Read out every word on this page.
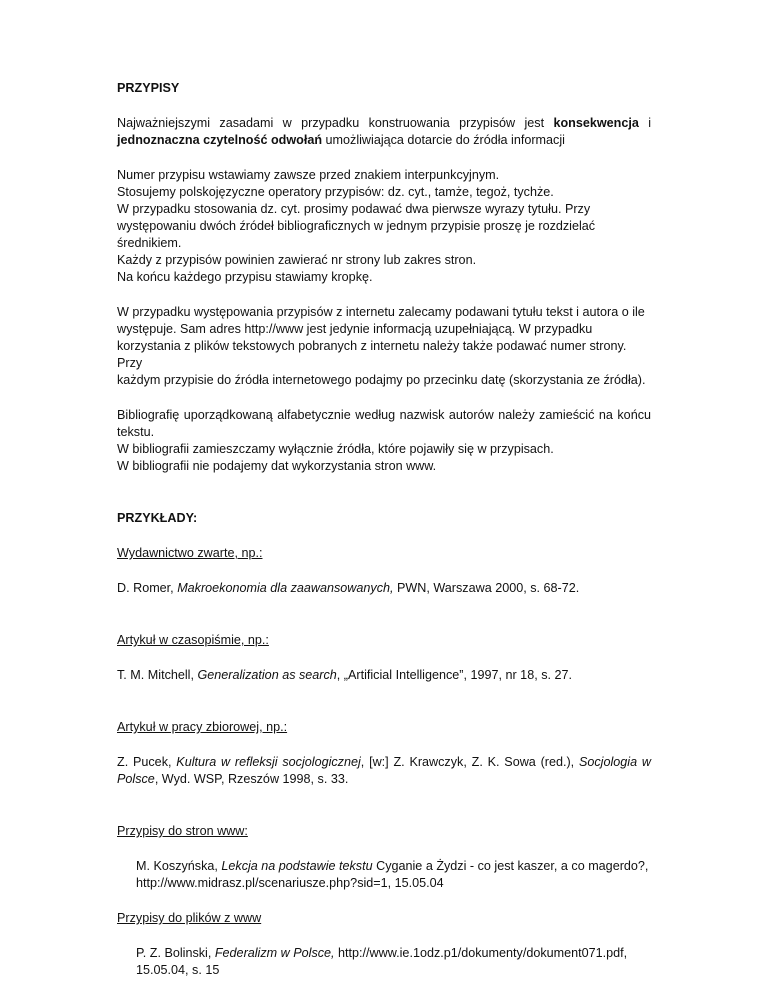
PRZYPISY

Najważniejszymi zasadami w przypadku konstruowania przypisów jest konsekwencja i jednoznaczna czytelność odwołań umożliwiająca dotarcie do źródła informacji

Numer przypisu wstawiamy zawsze przed znakiem interpunkcyjnym.
Stosujemy polskojęzyczne operatory przypisów: dz. cyt., tamże, tegoż, tychże.
W przypadku stosowania dz. cyt. prosimy podawać dwa pierwsze wyrazy tytułu. Przy
występowaniu dwóch źródeł bibliograficznych w jednym przypisie proszę je rozdzielać
średnikiem.
Każdy z przypisów powinien zawierać nr strony lub zakres stron.
Na końcu każdego przypisu stawiamy kropkę.

W przypadku występowania przypisów z internetu zalecamy podawani tytułu tekst i autora o ile
występuje. Sam adres http://www jest jedynie informacją uzupełniającą. W przypadku
korzystania z plików tekstowych pobranych z internetu należy także podawać numer strony. Przy
każdym przypisie do źródła internetowego podajmy po przecinku datę (skorzystania ze źródła).

Bibliografię uporządkowaną alfabetycznie według nazwisk autorów należy zamieścić na końcu
tekstu.
W bibliografii zamieszczamy wyłącznie źródła, które pojawiły się w przypisach.
W bibliografii nie podajemy dat wykorzystania stron www.

PRZYKŁADY:

Wydawnictwo zwarte, np.:

D. Romer, Makroekonomia dla zaawansowanych, PWN, Warszawa 2000, s. 68-72.

Artykuł w czasopiśmie, np.:

T. M. Mitchell, Generalization as search, „Artificial Intelligence”, 1997, nr 18, s. 27.

Artykuł w pracy zbiorowej, np.:

Z. Pucek, Kultura w refleksji socjologicznej, [w:] Z. Krawczyk, Z. K. Sowa (red.), Socjologia w Polsce, Wyd. WSP, Rzeszów 1998, s. 33.

Przypisy do stron www:

M. Koszyńska, Lekcja na podstawie tekstu Cyganie a Żydzi - co jest kaszer, a co magerdo?,
http://www.midrasz.pl/scenariusze.php?sid=1, 15.05.04

Przypisy do plików z www

P. Z. Bolinski, Federalizm w Polsce, http://www.ie.1odz.p1/dokumenty/dokument071.pdf,
15.05.04, s. 15
